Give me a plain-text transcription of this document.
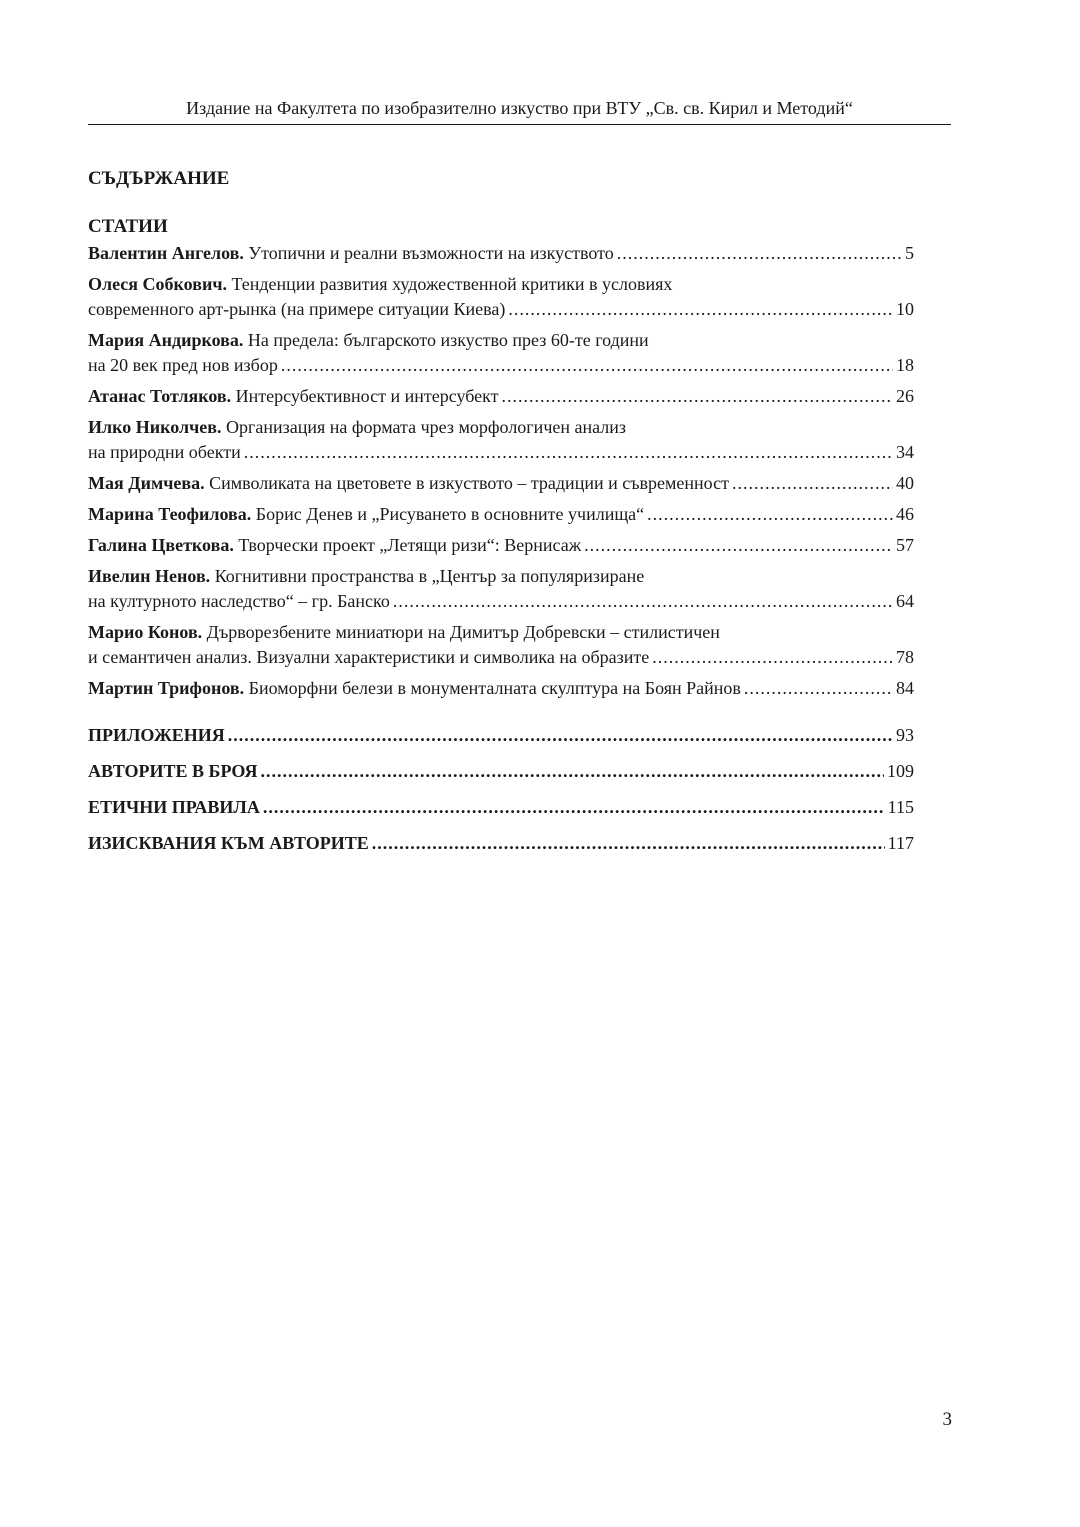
Издание на Факултета по изобразително изкуство при ВТУ „Св. св. Кирил и Методий“
СЪДЪРЖАНИЕ
СТАТИИ
Валентин Ангелов. Утопични и реални възможности на изкуството .....	5
Олеся Собкович. Тенденции развития художественной критики в условиях
современного арт-рынка (на примере ситуации Киева) .....	10
Мария Андиркова. На предела: българското изкуство през 60-те години
на 20 век пред нов избор .....	18
Атанас Тотляков. Интерсубективност и интерсубект .....	26
Илко Николчев. Организация на формата чрез морфологичен анализ
на природни обекти .....	34
Мая Димчева. Символиката на цветовете в изкуството – традиции и съвременност .....	40
Марина Теофилова. Борис Денев и „Рисуването в основните училища“ .....	46
Галина Цветкова. Творчески проект „Летящи ризи“: Вернисаж .....	57
Ивелин Ненов. Когнитивни пространства в „Център за популяризиране
на културното наследство“ – гр. Банско .....	64
Марио Конов. Дърворезбените миниатюри на Димитър Добревски – стилистичен
и семантичен анализ. Визуални характеристики и символика на образите .....	78
Мартин Трифонов. Биоморфни белези в монументалната скулптура на Боян Райнов .....	84
ПРИЛОЖЕНИЯ .....	93
АВТОРИТЕ В БРОЯ .....	109
ЕТИЧНИ ПРАВИЛА .....	115
ИЗИСКВАНИЯ КЪМ АВТОРИТЕ .....	117
3
